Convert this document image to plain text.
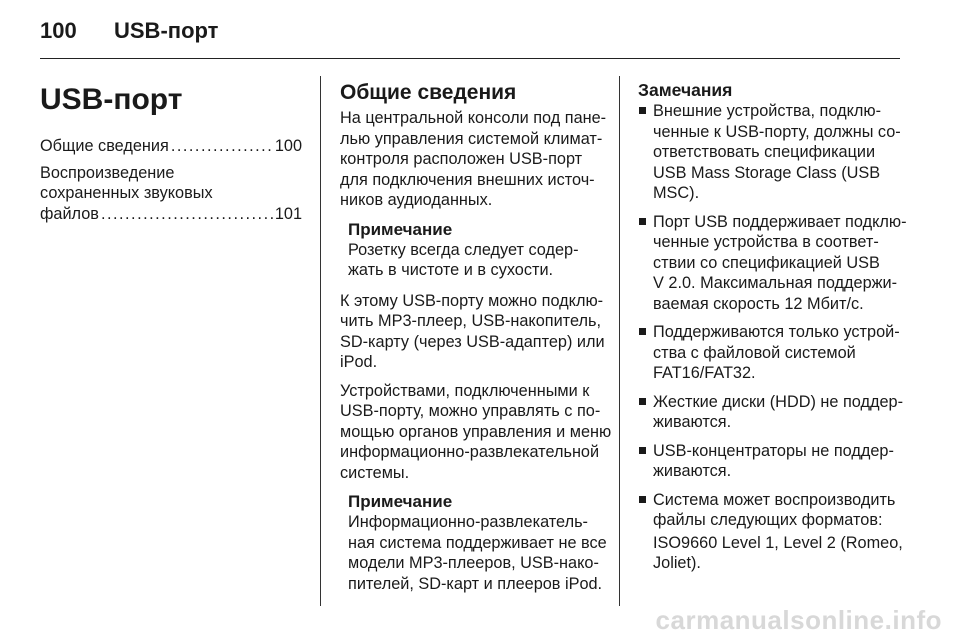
100 USB-порт
USB-порт
Общие сведения .....	100
Воспроизведение
сохраненных звуковых
файлов .....	101
Общие сведения
На центральной консоли под пане-
лью управления системой климат-
контроля расположен USB-порт
для подключения внешних источ-
ников аудиоданных.
Примечание
Розетку всегда следует содер-
жать в чистоте и в сухости.
К этому USB-порту можно подклю-
чить MP3-плеер, USB-накопитель,
SD-карту (через USB-адаптер) или
iPod.
Устройствами, подключенными к
USB-порту, можно управлять с по-
мощью органов управления и меню
информационно-развлекательной
системы.
Примечание
Информационно-развлекатель-
ная система поддерживает не все
модели MP3-плееров, USB-нако-
пителей, SD-карт и плееров iPod.
Замечания
Внешние устройства, подклю-
ченные к USB-порту, должны со-
ответствовать спецификации
USB Mass Storage Class (USB
MSC).
Порт USB поддерживает подклю-
ченные устройства в соответ-
ствии со спецификацией USB
V 2.0. Максимальная поддержи-
ваемая скорость 12 Мбит/с.
Поддерживаются только устрой-
ства с файловой системой
FAT16/FAT32.
Жесткие диски (HDD) не поддер-
живаются.
USB-концентраторы не поддер-
живаются.
Система может воспроизводить
файлы следующих форматов:
ISO9660 Level 1, Level 2 (Romeo,
Joliet).
carmanualsonline.info
